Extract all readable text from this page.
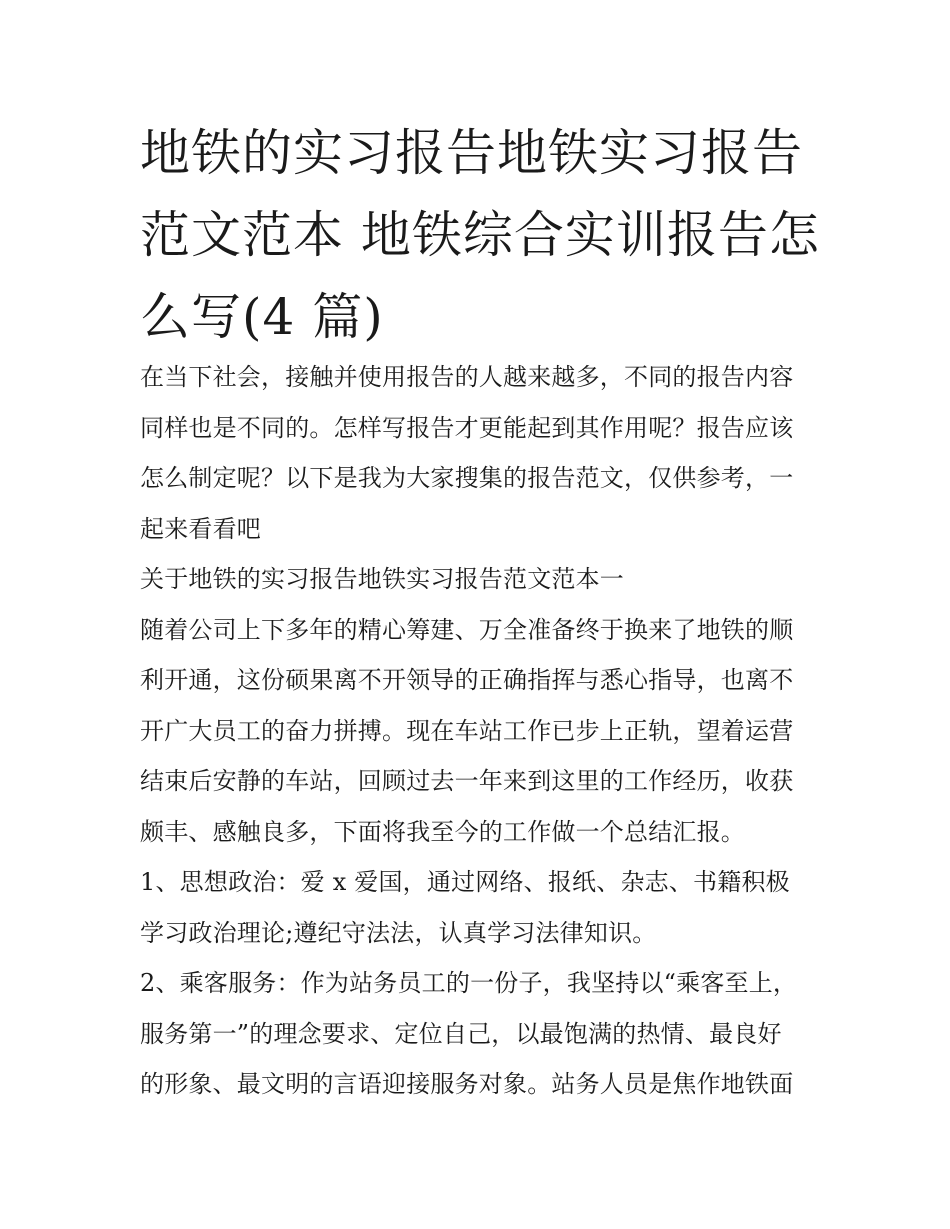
地铁的实习报告地铁实习报告
范文范本 地铁综合实训报告怎
么写(4 篇)
在当下社会，接触并使用报告的人越来越多，不同的报告内容
同样也是不同的。怎样写报告才更能起到其作用呢？报告应该
怎么制定呢？以下是我为大家搜集的报告范文，仅供参考，一
起来看看吧
关于地铁的实习报告地铁实习报告范文范本一
随着公司上下多年的精心筹建、万全准备终于换来了地铁的顺
利开通，这份硕果离不开领导的正确指挥与悉心指导，也离不
开广大员工的奋力拼搏。现在车站工作已步上正轨，望着运营
结束后安静的车站，回顾过去一年来到这里的工作经历，收获
颇丰、感触良多，下面将我至今的工作做一个总结汇报。
1、思想政治：爱 x 爱国，通过网络、报纸、杂志、书籍积极
学习政治理论;遵纪守法法，认真学习法律知识。
2、乘客服务：作为站务员工的一份子，我坚持以“乘客至上，
服务第一”的理念要求、定位自己，以最饱满的热情、最良好
的形象、最文明的言语迎接服务对象。站务人员是焦作地铁面
